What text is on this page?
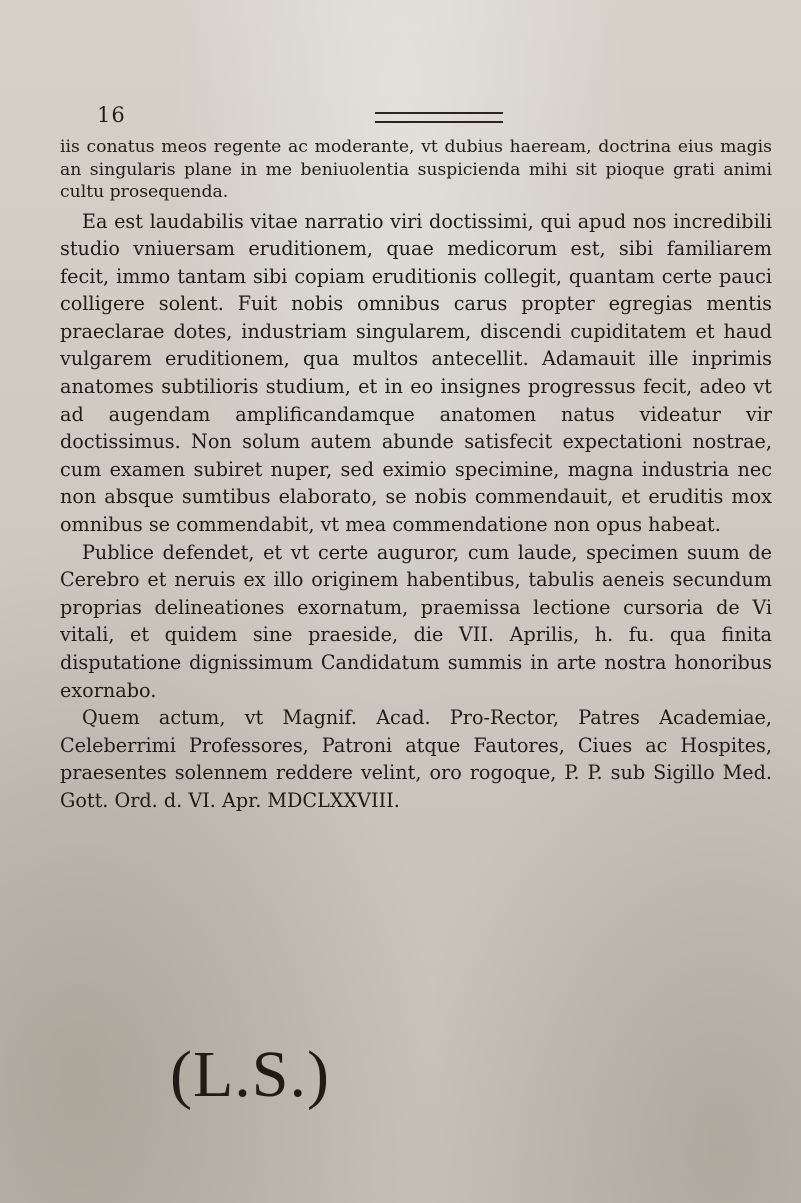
16

iis conatus meos regente ac moderante, vt dubius haeream, doctrina eius magis an singularis plane in me beniuolentia suspicienda mihi sit pioque grati animi cultu prosequenda.

Ea est laudabilis vitae narratio viri doctissimi, qui apud nos incredibili studio vniuersam eruditionem, quae medicorum est, sibi familiarem fecit, immo tantam sibi copiam eruditionis collegit, quantam certe pauci colligere solent. Fuit nobis omnibus carus propter egregias mentis praeclarae dotes, industriam singularem, discendi cupiditatem et haud vulgarem eruditionem, qua multos antecellit. Adamauit ille inprimis anatomes subtilioris studium, et in eo insignes progressus fecit, adeo vt ad augendam amplificandamque anatomen natus videatur vir doctissimus. Non solum autem abunde satisfecit expectationi nostrae, cum examen subiret nuper, sed eximio specimine, magna industria nec non absque sumtibus elaborato, se nobis commendauit, et eruditis mox omnibus se commendabit, vt mea commendatione non opus habeat.

Publice defendet, et vt certe auguror, cum laude, specimen suum de Cerebro et neruis ex illo originem habentibus, tabulis aeneis secundum proprias delineationes exornatum, praemissa lectione cursoria de Vi vitali, et quidem sine praeside, die VII. Aprilis, h. fu. qua finita disputatione dignissimum Candidatum summis in arte nostra honoribus exornabo.

Quem actum, vt Magnif. Acad. Pro-Rector, Patres Academiae, Celeberrimi Professores, Patroni atque Fautores, Ciues ac Hospites, praesentes solennem reddere velint, oro rogoque, P. P. sub Sigillo Med. Gott. Ord. d. VI. Apr. MDCLXXVIII.

(L.S.)
